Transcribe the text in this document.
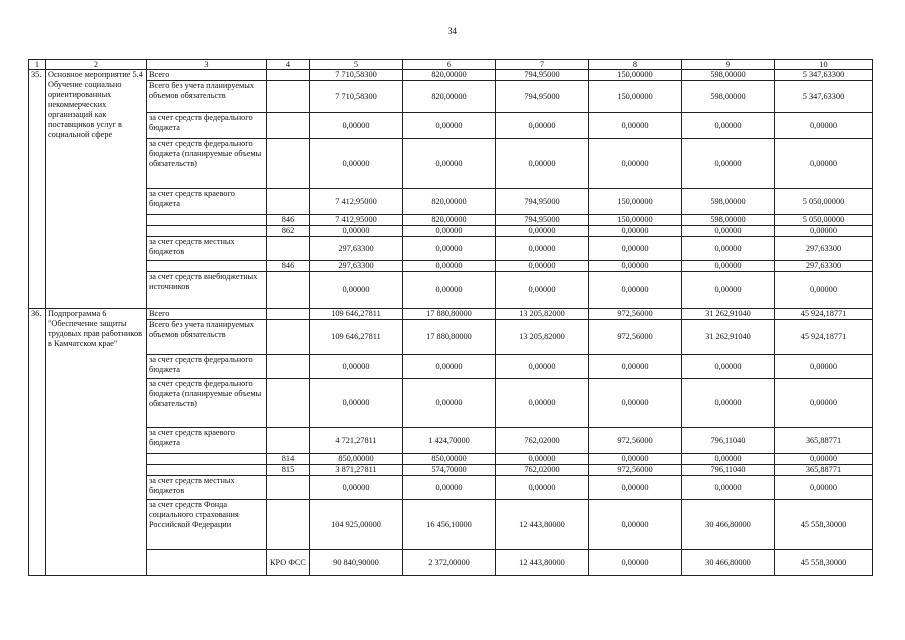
34
1	2	3	4	5	6	7	8	9	10
35.	Основное мероприятие 5.4 Обучение социально ориентированных некоммерческих организаций как поставщиков услуг в социальной сфере	Всего		7 710,58300	820,00000	794,95000	150,00000	598,00000	5 347,63300
		Всего без учета планируемых объемов обязательств		7 710,58300	820,00000	794,95000	150,00000	598,00000	5 347,63300
		за счет средств федерального бюджета		0,00000	0,00000	0,00000	0,00000	0,00000	0,00000
		за счет средств федерального бюджета (планируемые объемы обязательств)		0,00000	0,00000	0,00000	0,00000	0,00000	0,00000
		за счет средств краевого бюджета		7 412,95000	820,00000	794,95000	150,00000	598,00000	5 050,00000
			846	7 412,95000	820,00000	794,95000	150,00000	598,00000	5 050,00000
			862	0,00000	0,00000	0,00000	0,00000	0,00000	0,00000
		за счет средств местных бюджетов		297,63300	0,00000	0,00000	0,00000	0,00000	297,63300
			846	297,63300	0,00000	0,00000	0,00000	0,00000	297,63300
		за счет средств внебюджетных источников		0,00000	0,00000	0,00000	0,00000	0,00000	0,00000
36.	Подпрограмма 6 "Обеспечение защиты трудовых прав работников в Камчатском крае"	Всего		109 646,27811	17 880,80000	13 205,82000	972,56000	31 262,91040	45 924,18771
		Всего без учета планируемых объемов обязательств		109 646,27811	17 880,80000	13 205,82000	972,56000	31 262,91040	45 924,18771
		за счет средств федерального бюджета		0,00000	0,00000	0,00000	0,00000	0,00000	0,00000
		за счет средств федерального бюджета (планируемые объемы обязательств)		0,00000	0,00000	0,00000	0,00000	0,00000	0,00000
		за счет средств краевого бюджета		4 721,27811	1 424,70000	762,02000	972,56000	796,11040	365,88771
			814	850,00000	850,00000	0,00000	0,00000	0,00000	0,00000
			815	3 871,27811	574,70000	762,02000	972,56000	796,11040	365,88771
		за счет средств местных бюджетов		0,00000	0,00000	0,00000	0,00000	0,00000	0,00000
		за счет средств Фонда социального страхования Российской Федерации		104 925,00000	16 456,10000	12 443,80000	0,00000	30 466,80000	45 558,30000
			КРО ФСС	90 840,90000	2 372,00000	12 443,80000	0,00000	30 466,80000	45 558,30000
